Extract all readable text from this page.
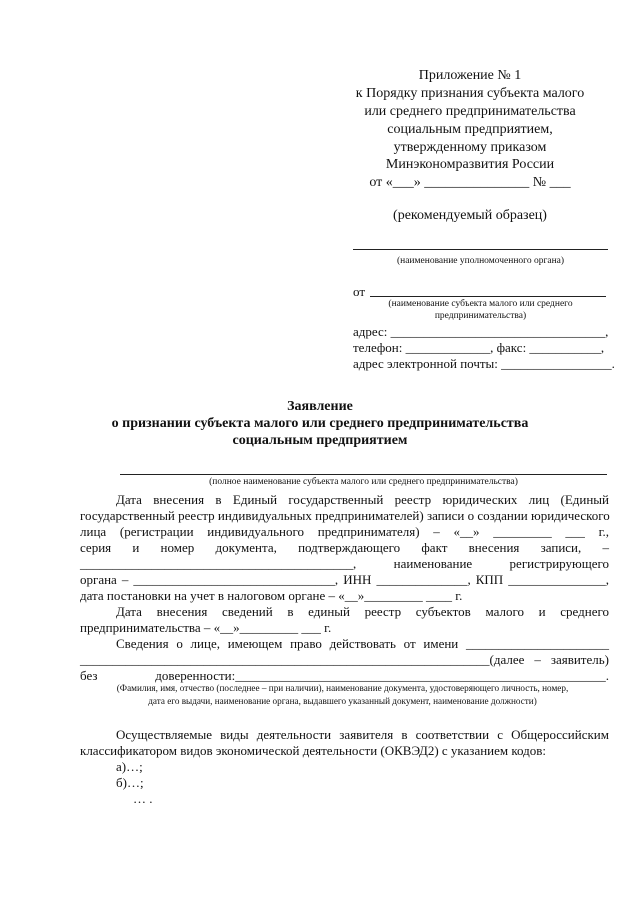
Приложение № 1
к Порядку признания субъекта малого
или среднего предпринимательства
социальным предприятием,
утвержденному приказом
Минэкономразвития России
от «___» _______________ № ___
(рекомендуемый образец)
(наименование уполномоченного органа)
от
(наименование субъекта малого или среднего
предпринимательства)
адрес: _________________________________,
телефон: _____________, факс: ___________,
адрес электронной почты: _________________.
Заявление
о признании субъекта малого или среднего предпринимательства
социальным предприятием
(полное наименование субъекта малого или среднего предпринимательства)
Дата внесения в Единый государственный реестр юридических лиц (Единый
государственный реестр индивидуальных предпринимателей) записи о создании юридического
лица (регистрации индивидуального предпринимателя) – «__» _________ ___ г.,
серия и номер документа, подтверждающего факт внесения записи, –
__________________________________________, наименование регистрирующего
органа – _______________________________, ИНН ______________, КПП _______________,
дата постановки на учет в налоговом органе – «__»_________ ____ г.
Дата внесения сведений в единый реестр субъектов малого и среднего
предпринимательства – «__»_________ ___ г.
Сведения о лице, имеющем право действовать от имени ______________________
_______________________________________________________________(далее – заявитель)
без доверенности:_________________________________________________________.
(Фамилия, имя, отчество (последнее – при наличии), наименование документа, удостоверяющего личность, номер,
дата его выдачи, наименование органа, выдавшего указанный документ, наименование должности)
Осуществляемые виды деятельности заявителя в соответствии с Общероссийским
классификатором видов экономической деятельности (ОКВЭД2) с указанием кодов:
а)…;
б)…;
… .
